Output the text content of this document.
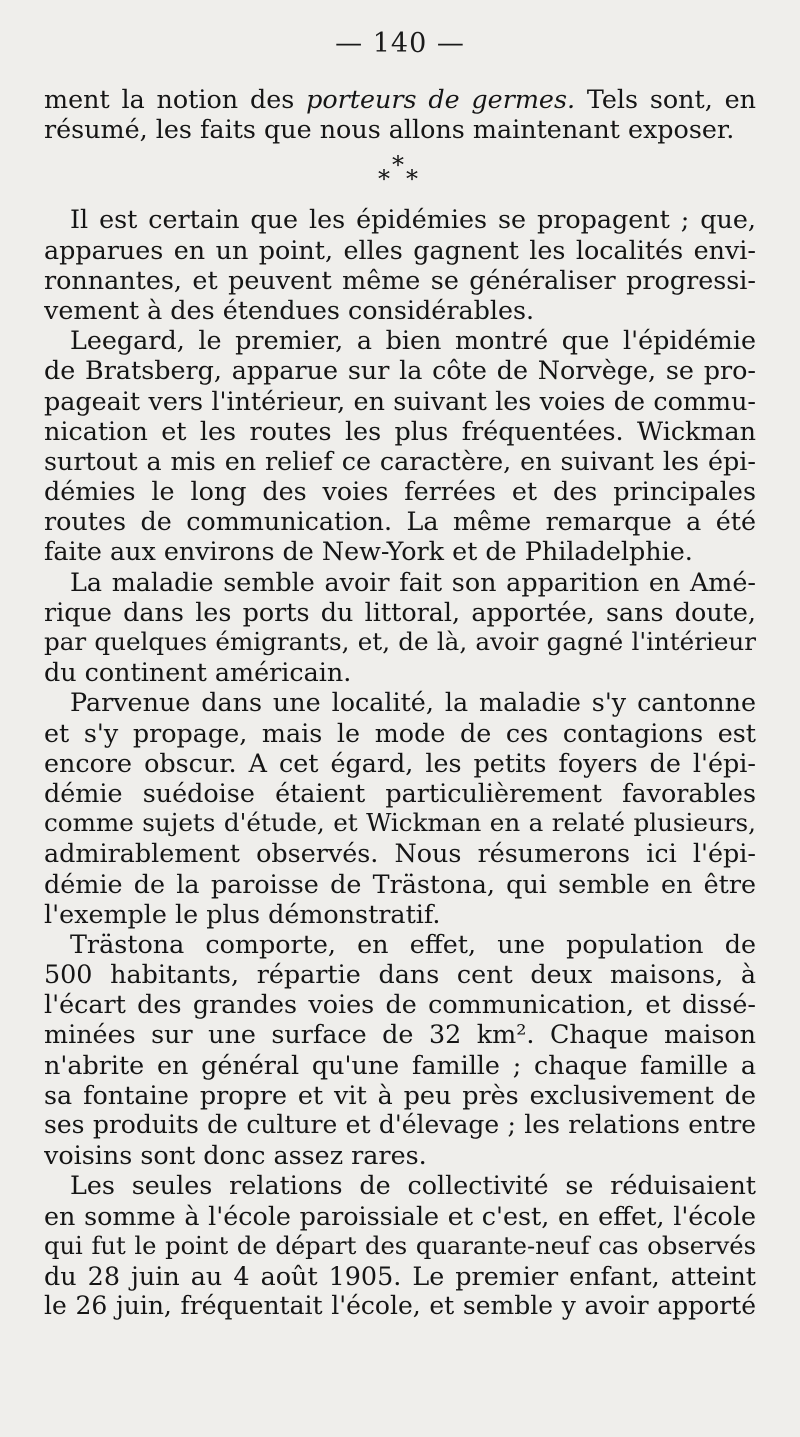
— 140 —
ment la notion des porteurs de germes. Tels sont, en
résumé, les faits que nous allons maintenant exposer.
*
* *
Il est certain que les épidémies se propagent ; que,
apparues en un point, elles gagnent les localités envi-
ronnantes, et peuvent même se généraliser progressi-
vement à des étendues considérables.
Leegard, le premier, a bien montré que l'épidémie
de Bratsberg, apparue sur la côte de Norvège, se pro-
pageait vers l'intérieur, en suivant les voies de commu-
nication et les routes les plus fréquentées. Wickman
surtout a mis en relief ce caractère, en suivant les épi-
démies le long des voies ferrées et des principales
routes de communication. La même remarque a été
faite aux environs de New-York et de Philadelphie.
La maladie semble avoir fait son apparition en Amé-
rique dans les ports du littoral, apportée, sans doute,
par quelques émigrants, et, de là, avoir gagné l'intérieur
du continent américain.
Parvenue dans une localité, la maladie s'y cantonne
et s'y propage, mais le mode de ces contagions est
encore obscur. A cet égard, les petits foyers de l'épi-
démie suédoise étaient particulièrement favorables
comme sujets d'étude, et Wickman en a relaté plusieurs,
admirablement observés. Nous résumerons ici l'épi-
démie de la paroisse de Trästona, qui semble en être
l'exemple le plus démonstratif.
Trästona comporte, en effet, une population de
500 habitants, répartie dans cent deux maisons, à
l'écart des grandes voies de communication, et dissé-
minées sur une surface de 32 km². Chaque maison
n'abrite en général qu'une famille ; chaque famille a
sa fontaine propre et vit à peu près exclusivement de
ses produits de culture et d'élevage ; les relations entre
voisins sont donc assez rares.
Les seules relations de collectivité se réduisaient
en somme à l'école paroissiale et c'est, en effet, l'école
qui fut le point de départ des quarante-neuf cas observés
du 28 juin au 4 août 1905. Le premier enfant, atteint
le 26 juin, fréquentait l'école, et semble y avoir apporté
